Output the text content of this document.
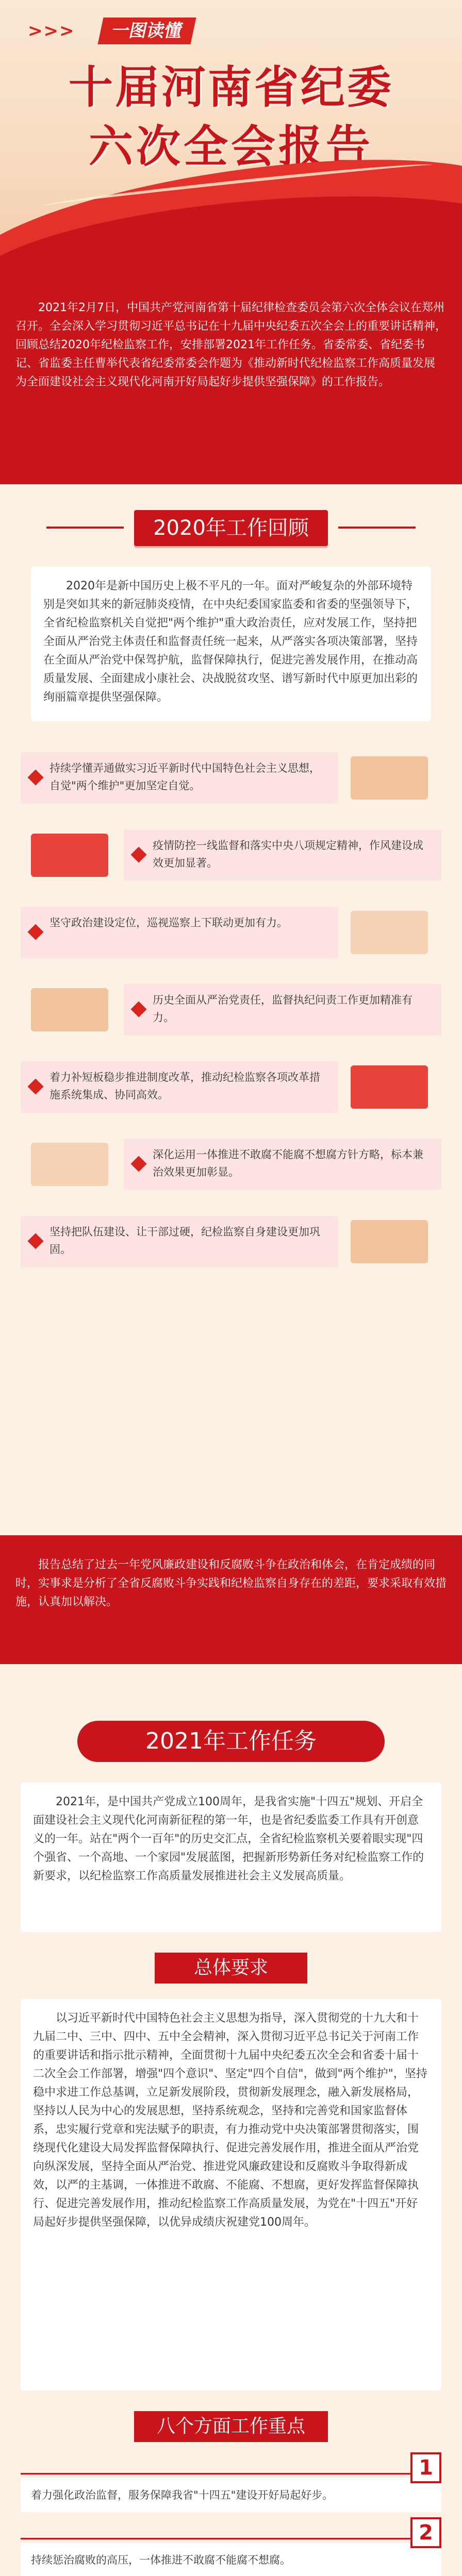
>>>	一图读懂
十届河南省纪委
六次全会报告

2021年2月7日，中国共产党河南省第十届纪律检查委员会第六次全体会议在郑州召开。全会深入学习贯彻习近平总书记在十九届中央纪委五次全会上的重要讲话精神，回顾总结2020年纪检监察工作，安排部署2021年工作任务。省委常委、省纪委书记、省监委主任曹举代表省纪委常委会作题为《推动新时代纪检监察工作高质量发展 为全面建设社会主义现代化河南开好局起好步提供坚强保障》的工作报告。

2020年工作回顾

2020年是新中国历史上极不平凡的一年。面对严峻复杂的外部环境特别是突如其来的新冠肺炎疫情，在中央纪委国家监委和省委的坚强领导下，全省纪检监察机关自觉把"两个维护"重大政治责任，应对发展工作，坚持把全面从严治党主体责任和监督责任统一起来，从严落实各项决策部署，坚持在全面从严治党中保驾护航，监督保障执行，促进完善发展作用，在推动高质量发展、全面建成小康社会、决战脱贫攻坚、谱写新时代中原更加出彩的绚丽篇章提供坚强保障。

持续学懂弄通做实习近平新时代中国特色社会主义思想，自觉"两个维护"更加坚定自觉。
疫情防控一线监督和落实中央八项规定精神，作风建设成效更加显著。
坚守政治建设定位，巡视巡察上下联动更加有力。
历史全面从严治党责任，监督执纪问责工作更加精准有力。
着力补短板稳步推进制度改革，推动纪检监察各项改革措施系统集成、协同高效。
深化运用一体推进不敢腐不能腐不想腐方针方略，标本兼治效果更加彰显。
坚持把队伍建设、让干部过硬，纪检监察自身建设更加巩固。

报告总结了过去一年党风廉政建设和反腐败斗争在政治和体会，在肯定成绩的同时，实事求是分析了全省反腐败斗争实践和纪检监察自身存在的差距，要求采取有效措施，认真加以解决。

2021年工作任务

2021年，是中国共产党成立100周年，是我省实施"十四五"规划、开启全面建设社会主义现代化河南新征程的第一年，也是省纪委监委工作具有开创意义的一年。站在"两个一百年"的历史交汇点，全省纪检监察机关要着眼实现"四个强省、一个高地、一个家园"发展蓝图，把握新形势新任务对纪检监察工作的新要求，以纪检监察工作高质量发展推进社会主义发展高质量。

总体要求

以习近平新时代中国特色社会主义思想为指导，深入贯彻党的十九大和十九届二中、三中、四中、五中全会精神，深入贯彻习近平总书记关于河南工作的重要讲话和指示批示精神，全面贯彻十九届中央纪委五次全会和省委十届十二次全会工作部署，增强"四个意识"、坚定"四个自信"，做到"两个维护"，坚持稳中求进工作总基调，立足新发展阶段，贯彻新发展理念，融入新发展格局，坚持以人民为中心的发展思想，坚持系统观念，坚持和完善党和国家监督体系，忠实履行党章和宪法赋予的职责，有力推动党中央决策部署贯彻落实，围绕现代化建设大局发挥监督保障执行、促进完善发展作用，推进全面从严治党向纵深发展，坚持全面从严治党、推进党风廉政建设和反腐败斗争取得新成效，以严的主基调，一体推进不敢腐、不能腐、不想腐，更好发挥监督保障执行、促进完善发展作用，推动纪检监察工作高质量发展，为党在"十四五"开好局起好步提供坚强保障，以优异成绩庆祝建党100周年。

八个方面工作重点
着力强化政治监督，服务保障我省"十四五"建设开好局起好步。
1
持续惩治腐败的高压，一体推进不敢腐不能腐不想腐。
2
